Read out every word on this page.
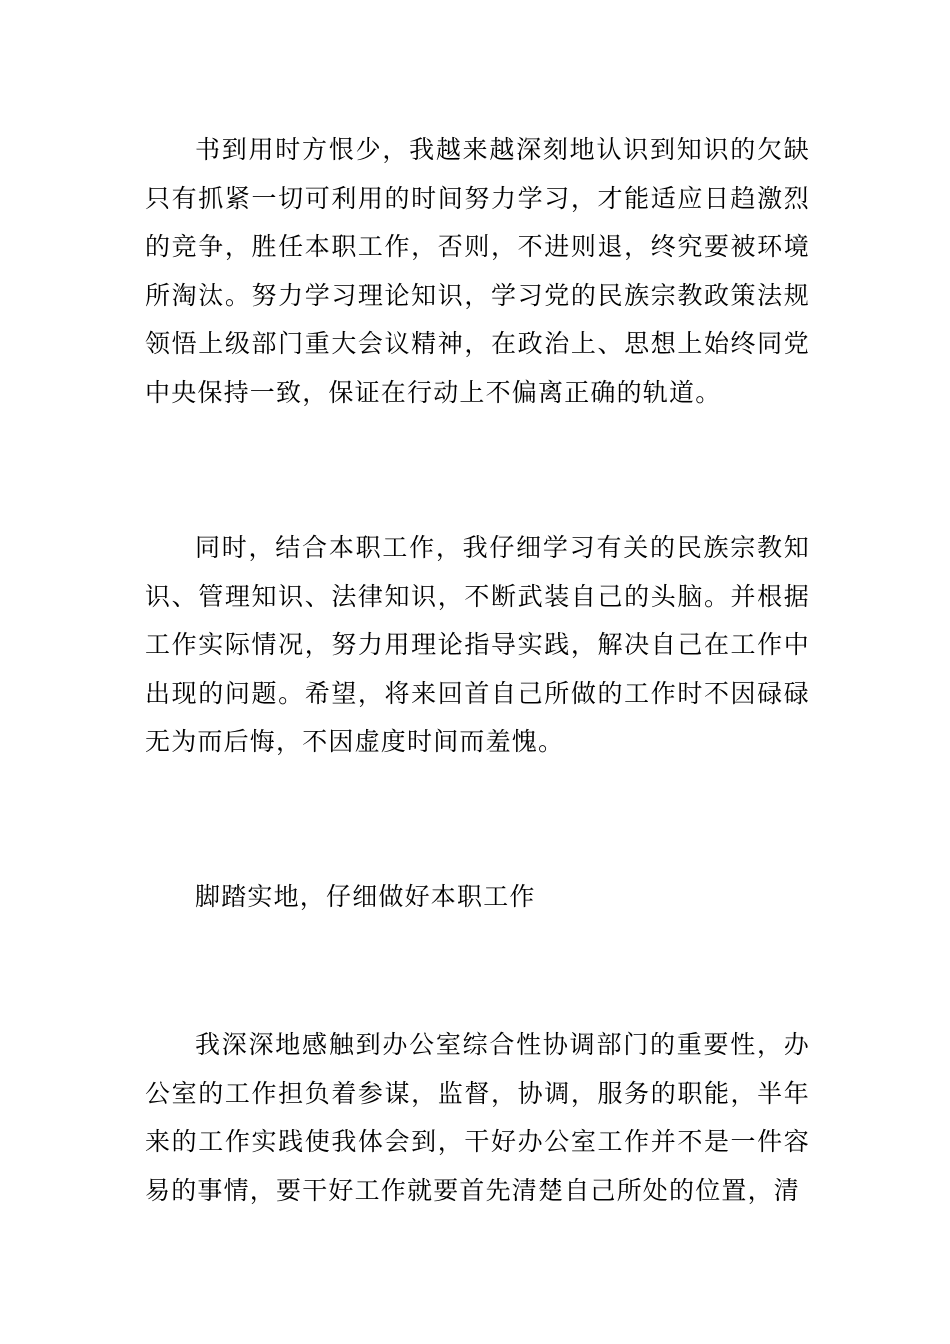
书到用时方恨少，我越来越深刻地认识到知识的欠缺只有抓紧一切可利用的时间努力学习，才能适应日趋激烈的竞争，胜任本职工作，否则，不进则退，终究要被环境所淘汰。努力学习理论知识，学习党的民族宗教政策法规领悟上级部门重大会议精神，在政治上、思想上始终同党中央保持一致，保证在行动上不偏离正确的轨道。

同时，结合本职工作，我仔细学习有关的民族宗教知识、管理知识、法律知识，不断武装自己的头脑。并根据工作实际情况，努力用理论指导实践，解决自己在工作中出现的问题。希望，将来回首自己所做的工作时不因碌碌无为而后悔，不因虚度时间而羞愧。

脚踏实地，仔细做好本职工作

我深深地感触到办公室综合性协调部门的重要性，办公室的工作担负着参谋，监督，协调，服务的职能，半年来的工作实践使我体会到，干好办公室工作并不是一件容易的事情，要干好工作就要首先清楚自己所处的位置，清
